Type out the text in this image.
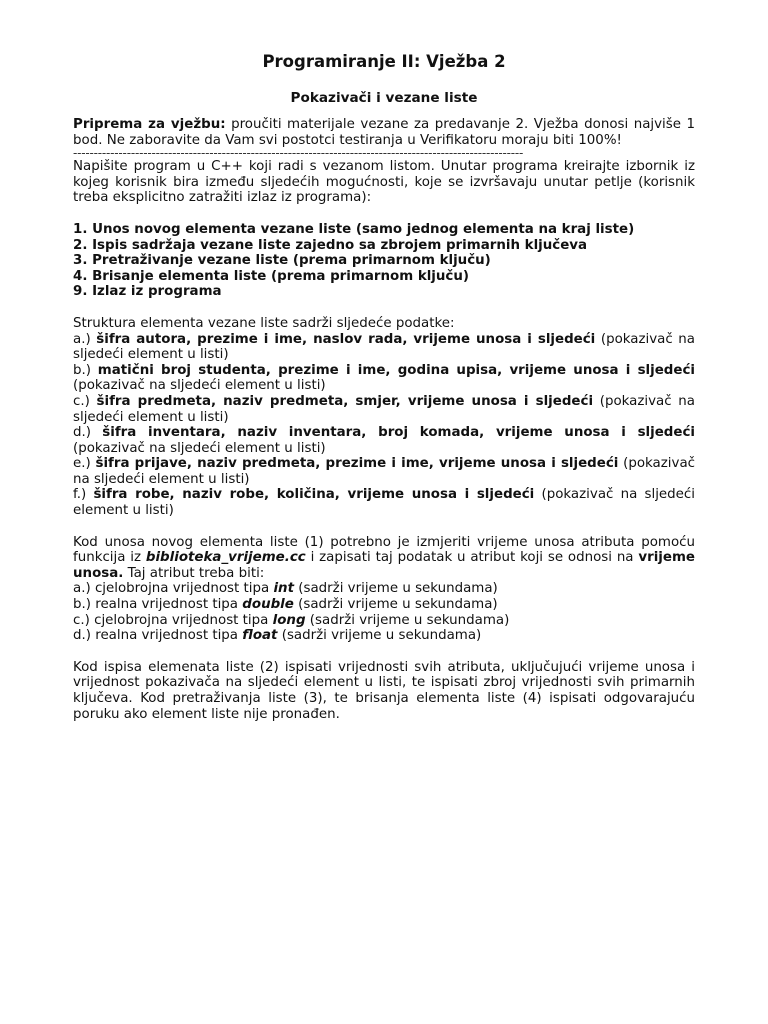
Programiranje II: Vježba 2
Pokazivači i vezane liste

Priprema za vježbu: proučiti materijale vezane za predavanje 2. Vježba donosi najviše 1 bod. Ne zaboravite da Vam svi postotci testiranja u Verifikatoru moraju biti 100%!

-------------------------------------------------------------------------------------------------------------

Napišite program u C++ koji radi s vezanom listom. Unutar programa kreirajte izbornik iz kojeg korisnik bira između sljedećih mogućnosti, koje se izvršavaju unutar petlje (korisnik treba eksplicitno zatražiti izlaz iz programa):

1. Unos novog elementa vezane liste (samo jednog elementa na kraj liste)
2. Ispis sadržaja vezane liste zajedno sa zbrojem primarnih ključeva
3. Pretraživanje vezane liste (prema primarnom ključu)
4. Brisanje elementa liste (prema primarnom ključu)
9. Izlaz iz programa

Struktura elementa vezane liste sadrži sljedeće podatke:

a.) šifra autora, prezime i ime, naslov rada, vrijeme unosa i sljedeći (pokazivač na sljedeći element u listi)

b.) matični broj studenta, prezime i ime, godina upisa, vrijeme unosa i sljedeći (pokazivač na sljedeći element u listi)

c.) šifra predmeta, naziv predmeta, smjer, vrijeme unosa i sljedeći (pokazivač na sljedeći element u listi)

d.) šifra inventara, naziv inventara, broj komada, vrijeme unosa i sljedeći (pokazivač na sljedeći element u listi)

e.) šifra prijave, naziv predmeta, prezime i ime, vrijeme unosa i sljedeći (pokazivač na sljedeći element u listi)

f.) šifra robe, naziv robe, količina, vrijeme unosa i sljedeći (pokazivač na sljedeći element u listi)

Kod unosa novog elementa liste (1) potrebno je izmjeriti vrijeme unosa atributa pomoću funkcija iz biblioteka_vrijeme.cc i zapisati taj podatak u atribut koji se odnosi na vrijeme unosa. Taj atribut treba biti:

a.) cjelobrojna vrijednost tipa int (sadrži vrijeme u sekundama)

b.) realna vrijednost tipa double (sadrži vrijeme u sekundama)

c.) cjelobrojna vrijednost tipa long (sadrži vrijeme u sekundama)

d.) realna vrijednost tipa float (sadrži vrijeme u sekundama)

Kod ispisa elemenata liste (2) ispisati vrijednosti svih atributa, uključujući vrijeme unosa i vrijednost pokazivača na sljedeći element u listi, te ispisati zbroj vrijednosti svih primarnih ključeva. Kod pretraživanja liste (3), te brisanja elementa liste (4) ispisati odgovarajuću poruku ako element liste nije pronađen.
